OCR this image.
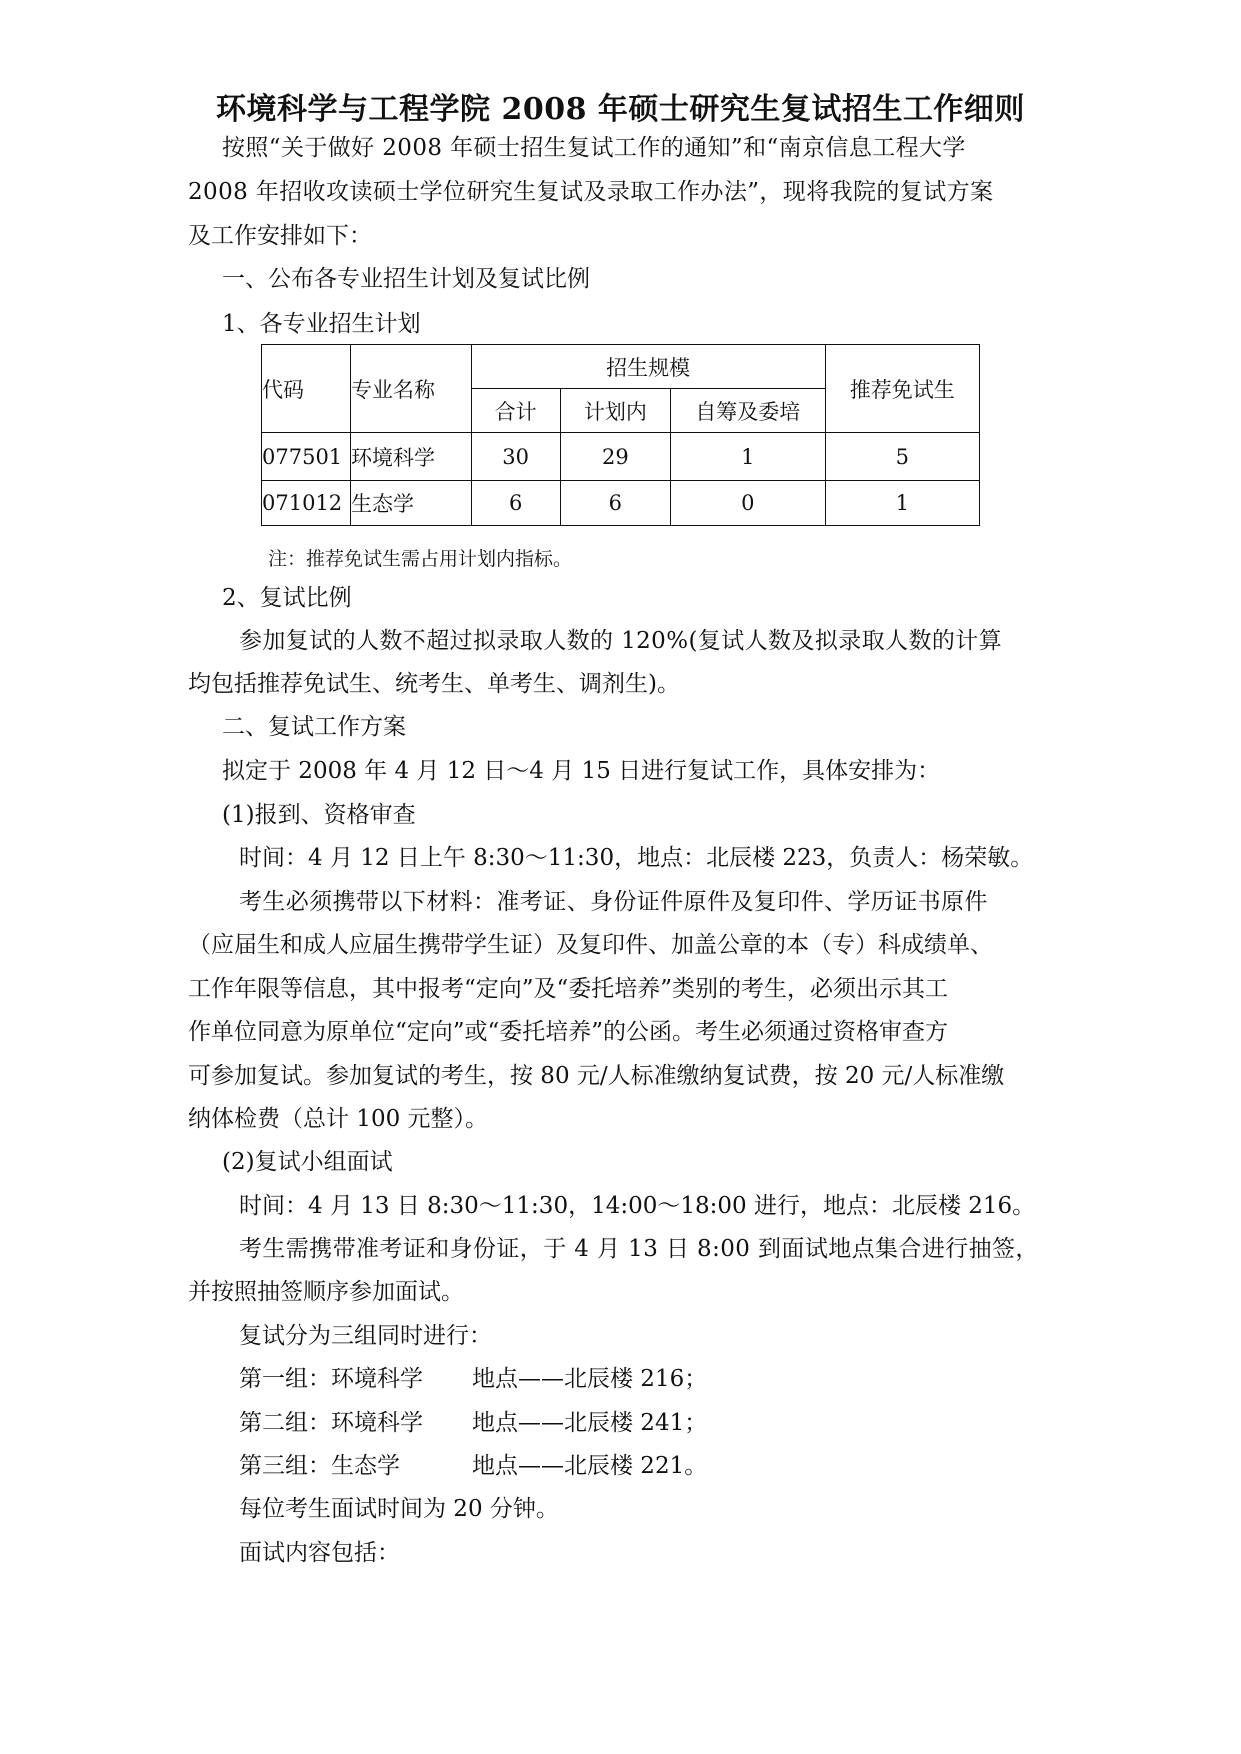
环境科学与工程学院 2008 年硕士研究生复试招生工作细则
按照“关于做好 2008 年硕士招生复试工作的通知”和“南京信息工程大学
2008 年招收攻读硕士学位研究生复试及录取工作办法”，现将我院的复试方案
及工作安排如下：
一、公布各专业招生计划及复试比例
1、各专业招生计划
代码	专业名称	招生规模			推荐免试生
		合计	计划内	自筹及委培	
077501	环境科学	30	29	1	5
071012	生态学	6	6	0	1
注：推荐免试生需占用计划内指标。
2、复试比例
参加复试的人数不超过拟录取人数的 120%(复试人数及拟录取人数的计算
均包括推荐免试生、统考生、单考生、调剂生)。
二、复试工作方案
拟定于 2008 年 4 月 12 日～4 月 15 日进行复试工作，具体安排为：
(1)报到、资格审查
时间：4 月 12 日上午 8:30～11:30，地点：北辰楼 223，负责人：杨荣敏。
考生必须携带以下材料：准考证、身份证件原件及复印件、学历证书原件
（应届生和成人应届生携带学生证）及复印件、加盖公章的本（专）科成绩单、
工作年限等信息，其中报考“定向”及“委托培养”类别的考生，必须出示其工
作单位同意为原单位“定向”或“委托培养”的公函。考生必须通过资格审查方
可参加复试。参加复试的考生，按 80 元/人标准缴纳复试费，按 20 元/人标准缴
纳体检费（总计 100 元整）。
(2)复试小组面试
时间：4 月 13 日 8:30～11:30，14:00～18:00 进行，地点：北辰楼 216。
考生需携带准考证和身份证，于 4 月 13 日 8:00 到面试地点集合进行抽签，
并按照抽签顺序参加面试。
复试分为三组同时进行：
第一组：环境科学 地点——北辰楼 216；
第二组：环境科学 地点——北辰楼 241；
第三组：生态学	地点——北辰楼 221。
每位考生面试时间为 20 分钟。
面试内容包括：
